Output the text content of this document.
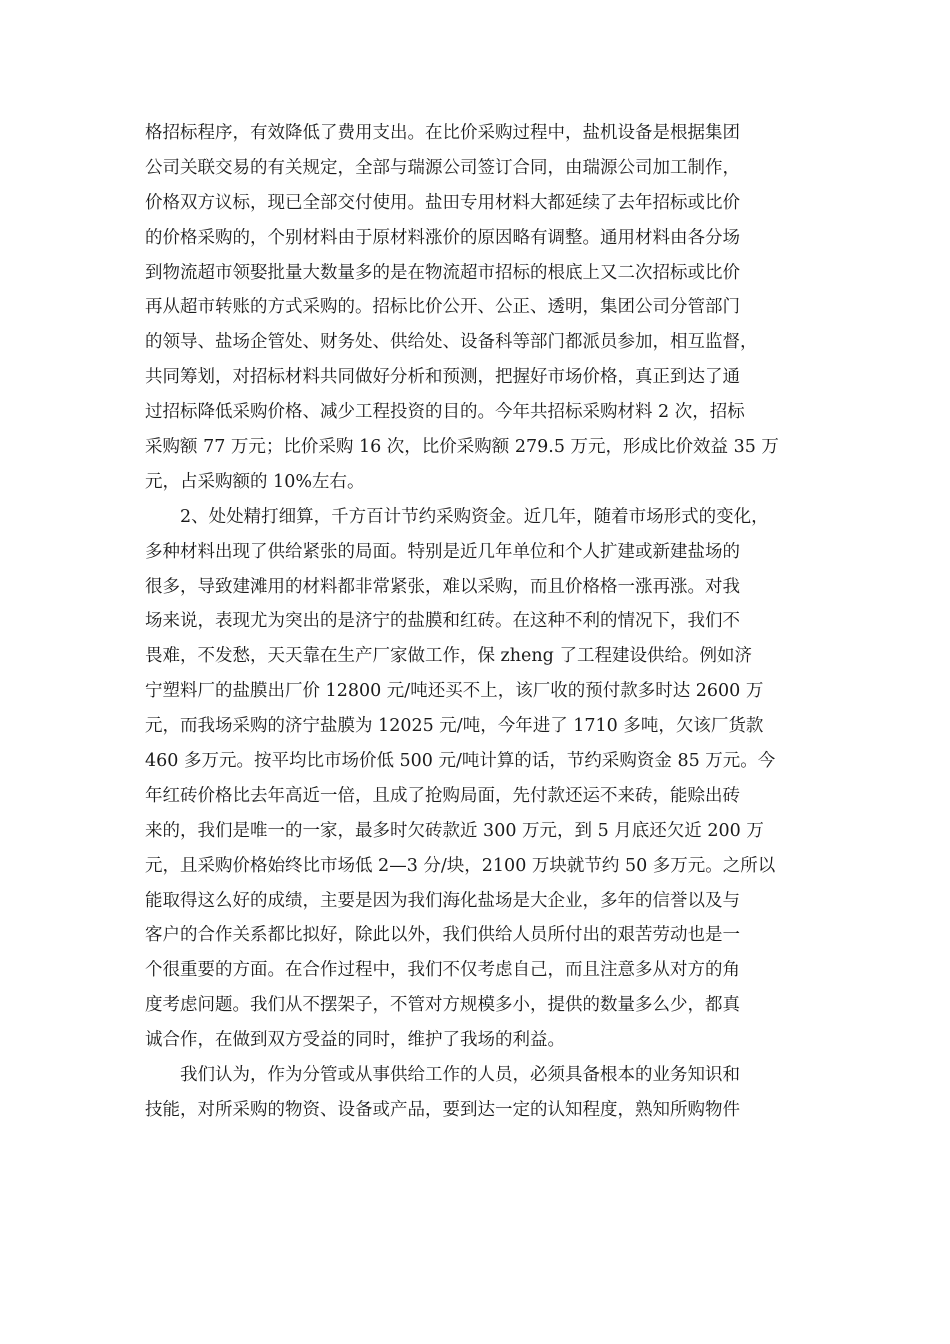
格招标程序，有效降低了费用支出。在比价采购过程中，盐机设备是根据集团
公司关联交易的有关规定，全部与瑞源公司签订合同，由瑞源公司加工制作，
价格双方议标，现已全部交付使用。盐田专用材料大都延续了去年招标或比价
的价格采购的，个别材料由于原材料涨价的原因略有调整。通用材料由各分场
到物流超市领娶批量大数量多的是在物流超市招标的根底上又二次招标或比价
再从超市转账的方式采购的。招标比价公开、公正、透明，集团公司分管部门
的领导、盐场企管处、财务处、供给处、设备科等部门都派员参加，相互监督，
共同筹划，对招标材料共同做好分析和预测，把握好市场价格，真正到达了通
过招标降低采购价格、减少工程投资的目的。今年共招标采购材料 2 次，招标
采购额 77 万元；比价采购 16 次，比价采购额 279.5 万元，形成比价效益 35 万
元，占采购额的 10%左右。
2、处处精打细算，千方百计节约采购资金。近几年，随着市场形式的变化，
多种材料出现了供给紧张的局面。特别是近几年单位和个人扩建或新建盐场的
很多，导致建滩用的材料都非常紧张，难以采购，而且价格格一涨再涨。对我
场来说，表现尤为突出的是济宁的盐膜和红砖。在这种不利的情况下，我们不
畏难，不发愁，天天靠在生产厂家做工作，保 zheng 了工程建设供给。例如济
宁塑料厂的盐膜出厂价 12800 元/吨还买不上，该厂收的预付款多时达 2600 万
元，而我场采购的济宁盐膜为 12025 元/吨，今年进了 1710 多吨，欠该厂货款
460 多万元。按平均比市场价低 500 元/吨计算的话，节约采购资金 85 万元。今
年红砖价格比去年高近一倍，且成了抢购局面，先付款还运不来砖，能赊出砖
来的，我们是唯一的一家，最多时欠砖款近 300 万元，到 5 月底还欠近 200 万
元，且采购价格始终比市场低 2—3 分/块，2100 万块就节约 50 多万元。之所以
能取得这么好的成绩，主要是因为我们海化盐场是大企业，多年的信誉以及与
客户的合作关系都比拟好，除此以外，我们供给人员所付出的艰苦劳动也是一
个很重要的方面。在合作过程中，我们不仅考虑自己，而且注意多从对方的角
度考虑问题。我们从不摆架子，不管对方规模多小，提供的数量多么少，都真
诚合作，在做到双方受益的同时，维护了我场的利益。
我们认为，作为分管或从事供给工作的人员，必须具备根本的业务知识和
技能，对所采购的物资、设备或产品，要到达一定的认知程度，熟知所购物件
